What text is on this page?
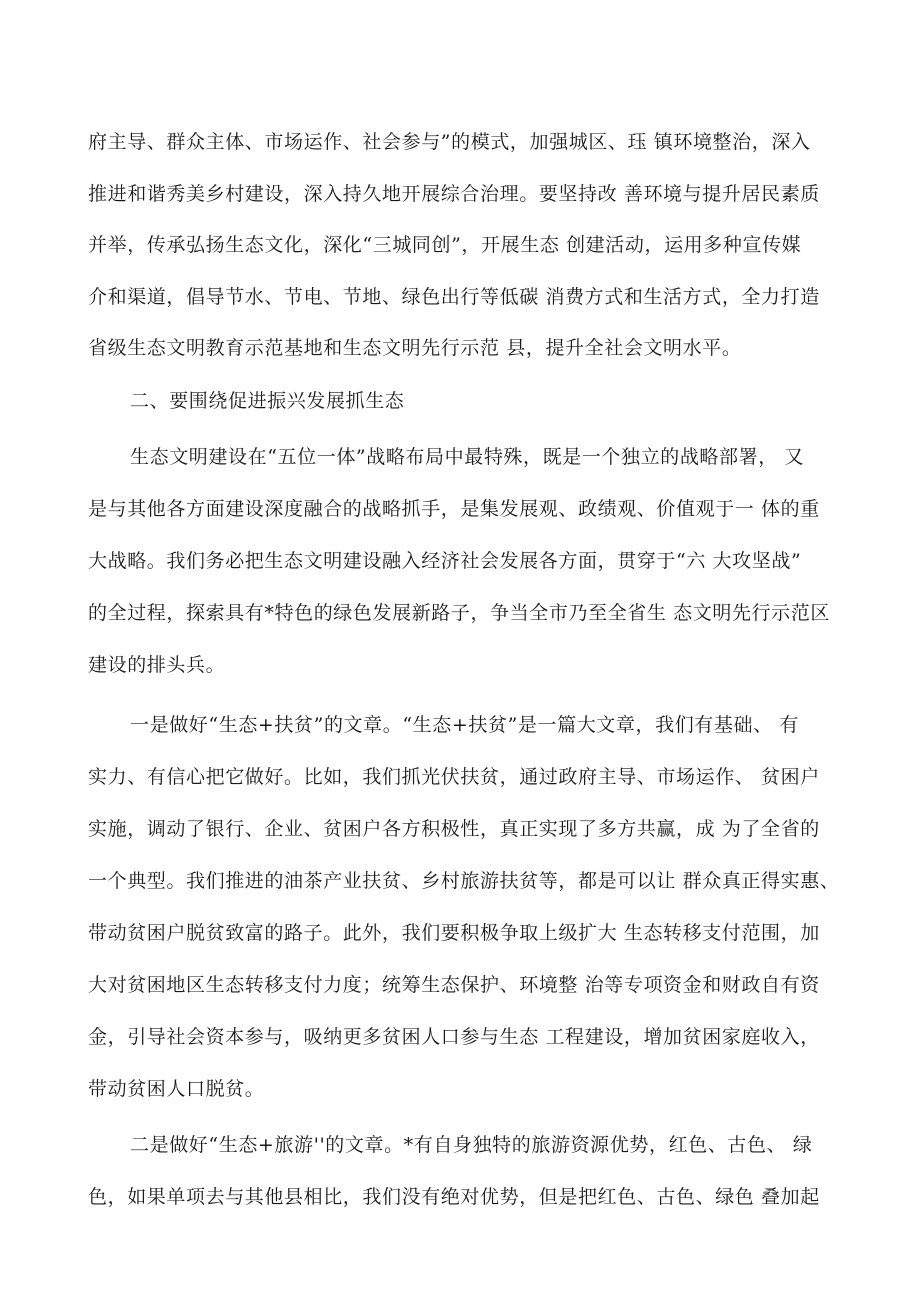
府主导、群众主体、市场运作、社会参与”的模式，加强城区、珏 镇环境整治，深入
推进和谐秀美乡村建设，深入持久地开展综合治理。要坚持改 善环境与提升居民素质
并举，传承弘扬生态文化，深化“三城同创”，开展生态 创建活动，运用多种宣传媒
介和渠道，倡导节水、节电、节地、绿色出行等低碳 消费方式和生活方式，全力打造
省级生态文明教育示范基地和生态文明先行示范 县，提升全社会文明水平。
二、要围绕促进振兴发展抓生态
生态文明建设在“五位一体”战略布局中最特殊，既是一个独立的战略部署， 又
是与其他各方面建设深度融合的战略抓手，是集发展观、政绩观、价值观于一 体的重
大战略。我们务必把生态文明建设融入经济社会发展各方面，贯穿于“六 大攻坚战”
的全过程，探索具有*特色的绿色发展新路子，争当全市乃至全省生 态文明先行示范区
建设的排头兵。
一是做好“生态+扶贫”的文章。“生态+扶贫”是一篇大文章，我们有基础、 有
实力、有信心把它做好。比如，我们抓光伏扶贫，通过政府主导、市场运作、 贫困户
实施，调动了银行、企业、贫困户各方积极性，真正实现了多方共赢，成 为了全省的
一个典型。我们推进的油茶产业扶贫、乡村旅游扶贫等，都是可以让 群众真正得实惠、
带动贫困户脱贫致富的路子。此外，我们要积极争取上级扩大 生态转移支付范围，加
大对贫困地区生态转移支付力度；统筹生态保护、环境整 治等专项资金和财政自有资
金，引导社会资本参与，吸纳更多贫困人口参与生态 工程建设，增加贫困家庭收入，
带动贫困人口脱贫。
二是做好“生态+旅游''的文章。*有自身独特的旅游资源优势，红色、古色、 绿
色，如果单项去与其他县相比，我们没有绝对优势，但是把红色、古色、绿色 叠加起
